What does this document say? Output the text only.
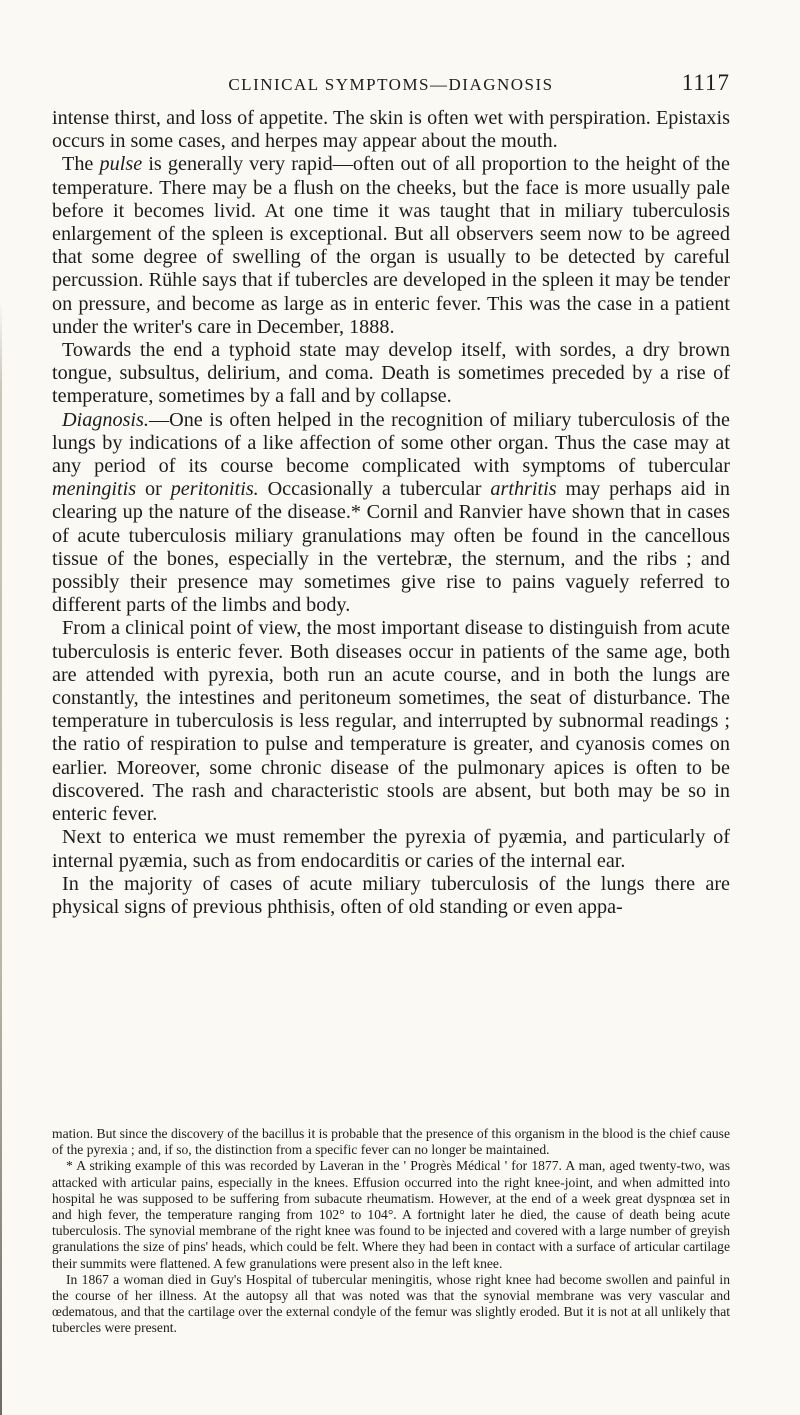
CLINICAL SYMPTOMS—DIAGNOSIS	1117

intense thirst, and loss of appetite. The skin is often wet with perspiration. Epistaxis occurs in some cases, and herpes may appear about the mouth.

The pulse is generally very rapid—often out of all proportion to the height of the temperature. There may be a flush on the cheeks, but the face is more usually pale before it becomes livid. At one time it was taught that in miliary tuberculosis enlargement of the spleen is exceptional. But all observers seem now to be agreed that some degree of swelling of the organ is usually to be detected by careful percussion. Rühle says that if tubercles are developed in the spleen it may be tender on pressure, and become as large as in enteric fever. This was the case in a patient under the writer's care in December, 1888.

Towards the end a typhoid state may develop itself, with sordes, a dry brown tongue, subsultus, delirium, and coma. Death is sometimes preceded by a rise of temperature, sometimes by a fall and by collapse.

Diagnosis.—One is often helped in the recognition of miliary tuberculosis of the lungs by indications of a like affection of some other organ. Thus the case may at any period of its course become complicated with symptoms of tubercular meningitis or peritonitis. Occasionally a tubercular arthritis may perhaps aid in clearing up the nature of the disease.* Cornil and Ranvier have shown that in cases of acute tuberculosis miliary granulations may often be found in the cancellous tissue of the bones, especially in the vertebræ, the sternum, and the ribs ; and possibly their presence may sometimes give rise to pains vaguely referred to different parts of the limbs and body.

From a clinical point of view, the most important disease to distinguish from acute tuberculosis is enteric fever. Both diseases occur in patients of the same age, both are attended with pyrexia, both run an acute course, and in both the lungs are constantly, the intestines and peritoneum sometimes, the seat of disturbance. The temperature in tuberculosis is less regular, and interrupted by subnormal readings ; the ratio of respiration to pulse and temperature is greater, and cyanosis comes on earlier. Moreover, some chronic disease of the pulmonary apices is often to be discovered. The rash and characteristic stools are absent, but both may be so in enteric fever.

Next to enterica we must remember the pyrexia of pyæmia, and particularly of internal pyæmia, such as from endocarditis or caries of the internal ear.

In the majority of cases of acute miliary tuberculosis of the lungs there are physical signs of previous phthisis, often of old standing or even appa-

mation. But since the discovery of the bacillus it is probable that the presence of this organism in the blood is the chief cause of the pyrexia ; and, if so, the distinction from a specific fever can no longer be maintained.

* A striking example of this was recorded by Laveran in the ' Progrès Médical ' for 1877. A man, aged twenty-two, was attacked with articular pains, especially in the knees. Effusion occurred into the right knee-joint, and when admitted into hospital he was supposed to be suffering from subacute rheumatism. However, at the end of a week great dyspnœa set in and high fever, the temperature ranging from 102° to 104°. A fortnight later he died, the cause of death being acute tuberculosis. The synovial membrane of the right knee was found to be injected and covered with a large number of greyish granulations the size of pins' heads, which could be felt. Where they had been in contact with a surface of articular cartilage their summits were flattened. A few granulations were present also in the left knee.

In 1867 a woman died in Guy's Hospital of tubercular meningitis, whose right knee had become swollen and painful in the course of her illness. At the autopsy all that was noted was that the synovial membrane was very vascular and œdematous, and that the cartilage over the external condyle of the femur was slightly eroded. But it is not at all unlikely that tubercles were present.
